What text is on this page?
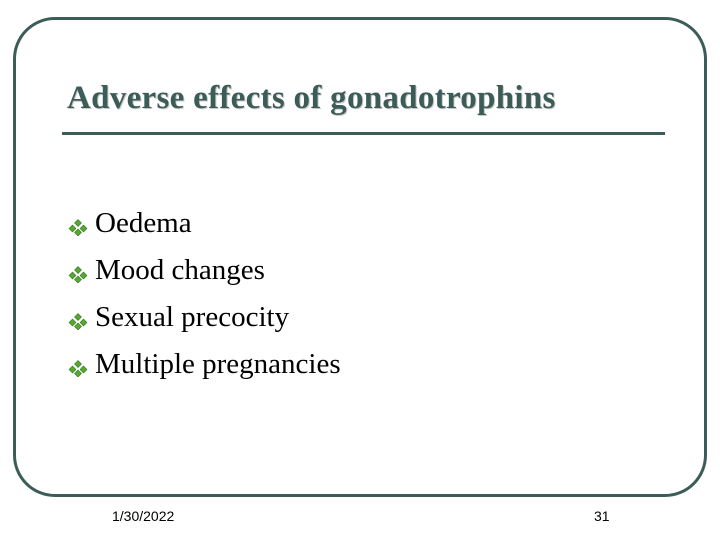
Adverse effects of gonadotrophins
Oedema
Mood changes
Sexual precocity
Multiple pregnancies
1/30/2022	31
